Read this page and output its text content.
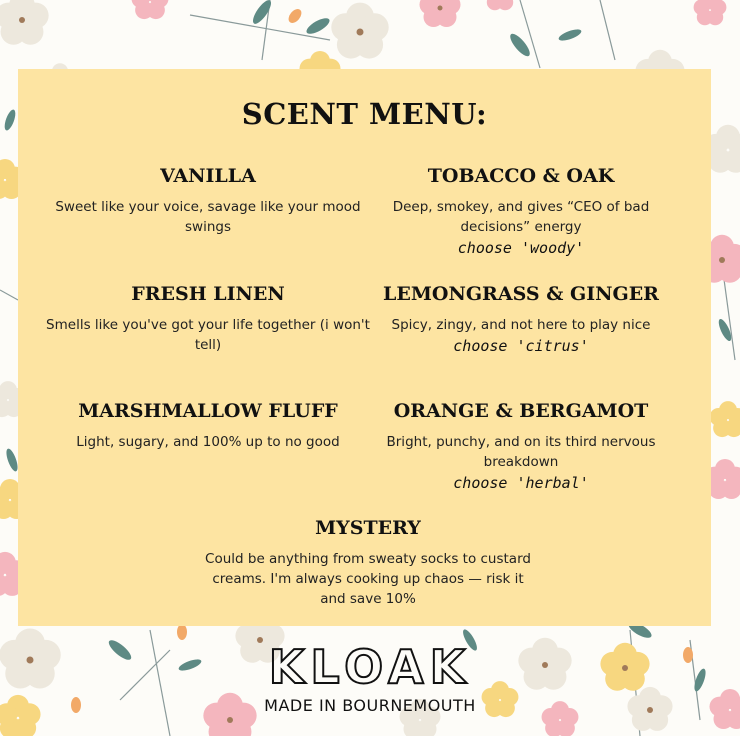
SCENT MENU:
VANILLA

Sweet like your voice, savage like your mood swings

TOBACCO & OAK

Deep, smokey, and gives “CEO of bad decisions” energy

choose 'woody'
FRESH LINEN

Smells like you've got your life together (i won't tell)

LEMONGRASS & GINGER

Spicy, zingy, and not here to play nice

choose 'citrus'
MARSHMALLOW FLUFF

Light, sugary, and 100% up to no good

ORANGE & BERGAMOT

Bright, punchy, and on its third nervous breakdown

choose 'herbal'
MYSTERY

Could be anything from sweaty socks to custard creams. I'm always cooking up chaos — risk it and save 10%

KLOAK
MADE IN BOURNEMOUTH
